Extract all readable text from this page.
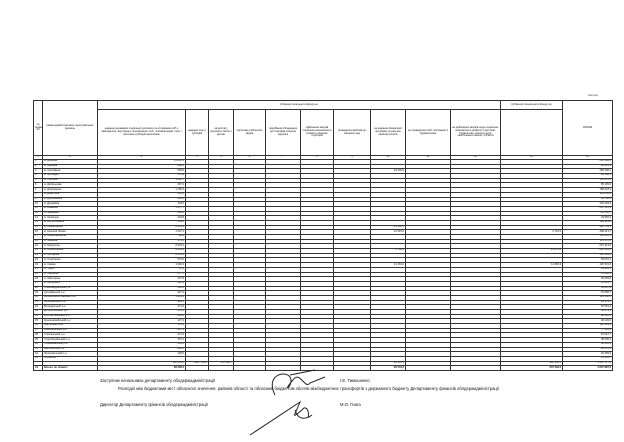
тис.грн
№ рядка з/п	Назва адміністративно-територіальних одиниць	Субвенції загального фонду на:										Субвенції спеціального фонду на:	РАЗОМ
		надання державної соціальної допомоги на утримання осіб з інвалідністю, внутрішньо переміщених осіб, та компенсацій, пільг і житлових субсидій населенню	надання пільг і субсидій	на виплату допомоги сім'ям з дітьми	підготовку робітничих кадрів	придбання обладнання для закладів охорони здоров'я	здійснення заходів соціально-економічного розвитку окремих територій	проведення виборів до місцевих рад	на надання фінансової підтримки за рахунок залишку коштів	на проведення робіт пов'язаних з будівництвом	на здійснення заходів щодо соціально-економічного розвитку територій, будівництва, реконструкції, капітального ремонту об'єктів		
1	2	3	4	5	6	7	8	9	10	11	12	13	14
1	м. Донецьк	13 832,3											262 300,5
2	м. Авдіївка	908,0											46 933,1
3	м. Артемівськ	669,9							23 493,9				283 458,1
4	м. Вугледар	173,9											32 558,6
5	м. Горлівка	1 212,7											361 178,2
6	м. Дебальцеве	267,1											85 195,0
7	м. Дзержинськ	1 155,4											158 018,2
8	м. Димитров	414,5											110 066,4
9	м. Докучаєвськ	262,1											41 708,1
10	м. Дружківка	433,6											133 403,2
11	м. Єнакієве	1 177,7											297 515,9
12	м. Жданівка	186,0											21 706,7
13	м. Кіровське	219,8											33 965,3
14	м. Костянтинівка	766,2											196 223,4
15	м. Краматорськ	2 034,3							15 642,6				422 759,1
16	м. Красний Лиман	1 227,1							12 419,0			2 710,6	458 413,7
17	м. Красноармійськ	780,9											100 616,1
18	м. Макіївка	371,6											113 378,0
19	м. Маріуполь	2 034,1											676 413,0
20	м. Новогродівка	4 664,3							4 798,9			21 457,8	822 599,0
21	м. Селидове	2 661,3											193 464,8
22	м. Слов'янськ	573,2											59 601,1
23	м. Сніжне	1 940,3							14 181,6			11 983,3	420 531,5
24	м. Торез	87,8											33 826,8
25	м. Харцизьк	277,7											74 090,9
26	м. Шахтарськ	247,8											69 669,5
27	м. Ясинувата	102,9											33 925,7
28	Олександрівський р-н	216,6											64 487,9
29	Артемівський р-н	327,4											51 558,7
30	Великоновосілківський р-н	1 025,2											121 058,1
31	Волноваський р-н	326,1											66 173,7
32	Володарський р-н	271,0											60 551,4
33	Добропільський р-н	174,2											30 879,1
34	Костянтинівський р-н	212,8											48 220,1
35	Красноармійський р-н	127,4											48 220,0
36	Мар'їнський р-н	171,4											112 909,4
37	Новоазовський р-н	227,1											77 184,1
38	Слов'янський р-н	271,0											54 515,7
39	Старобешівський р-н	375,1											38 095,4
40	Тельманівський р-н	145,0											38 955,4
41	Шахтарський р-н	122,5											40 476,5
42	Ясинуватський р-н	125,0											40 355,6
43	Обласний												35 541,7
		356 363,2	1 997 144,0	178 522,7					60 510,5			222 166,5	2 467 177,0
44	Всього по області	38 300,2							90 534,2			272 333,2	4 847 887,0
Заступник начальника департаменту облдержадміністрації	І.Е. Тимошенко
Розподіл між бюджетами міст обласного значення, районів області та обласним бюджетом обсягів міжбюджетних трансфертів з державного бюджету Департаменту фінансів облдержадміністрації
Директор Департаменту фінансів облдержадміністрації	М.О. Гнига
